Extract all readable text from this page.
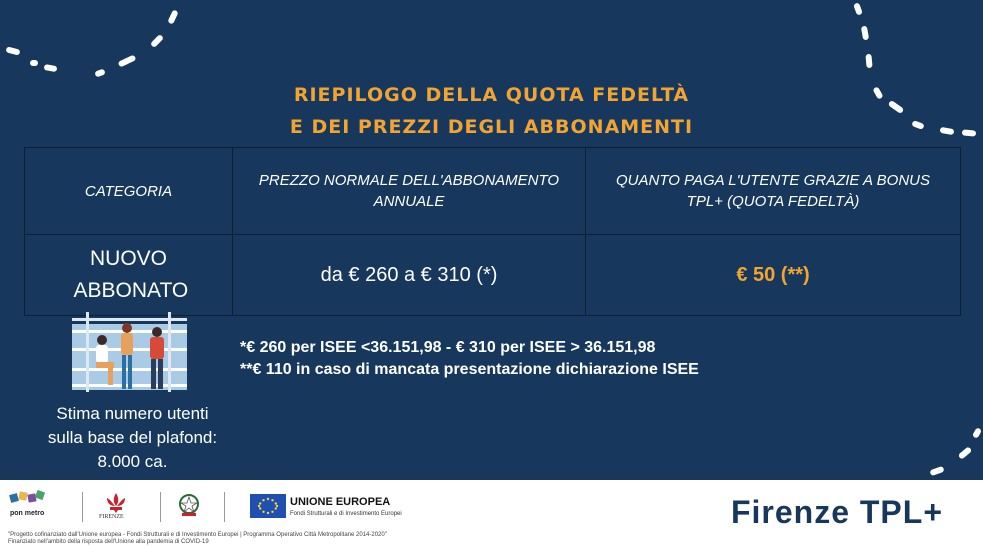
RIEPILOGO DELLA QUOTA FEDELTÀ
E DEI PREZZI DEGLI ABBONAMENTI
CATEGORIA	PREZZO NORMALE DELL'ABBONAMENTO ANNUALE	QUANTO PAGA L'UTENTE GRAZIE A BONUS TPL+ (QUOTA FEDELTÀ)

NUOVO ABBONATO	da € 260 a € 310 (*)	€ 50 (**)
Stima numero utenti sulla base del plafond: 8.000 ca.
*€ 260 per ISEE <36.151,98 - € 310 per ISEE > 36.151,98
**€ 110 in caso di mancata presentazione dichiarazione ISEE
pon metro	FIRENZE
UNIONE EUROPEA
Fondi Strutturali e di Investimento Europei
"Progetto cofinanziato dall'Unione europea - Fondi Strutturali e di Investimento Europei | Programma Operativo Città Metropolitane 2014-2020"
Finanziato nell'ambito della risposta dell'Unione alla pandemia di COVID-19
Firenze TPL+
